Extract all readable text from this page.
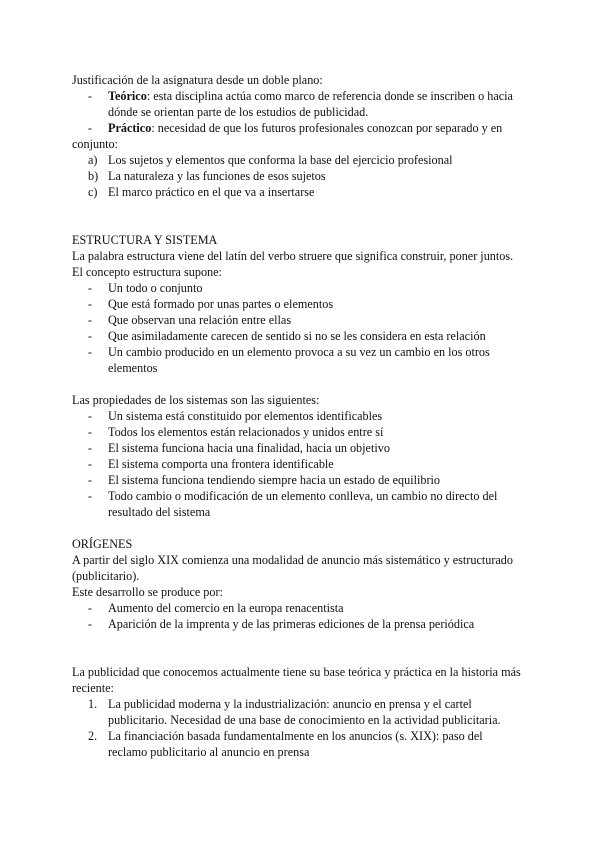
Justificación de la asignatura desde un doble plano:

-	Teórico: esta disciplina actúa como marco de referencia donde se inscriben o hacia dónde se orientan parte de los estudios de publicidad.
-	Práctico: necesidad de que los futuros profesionales conozcan por separado y en

conjunto:

a) Los sujetos y elementos que conforma la base del ejercicio profesional
b) La naturaleza y las funciones de esos sujetos
c) El marco práctico en el que va a insertarse

ESTRUCTURA Y SISTEMA

La palabra estructura viene del latín del verbo struere que significa construir, poner juntos. El concepto estructura supone:

-	Un todo o conjunto
-	Que está formado por unas partes o elementos
-	Que observan una relación entre ellas
-	Que asimiladamente carecen de sentido si no se les considera en esta relación
-	Un cambio producido en un elemento provoca a su vez un cambio en los otros elementos

Las propiedades de los sistemas son las siguientes:

-	Un sistema está constituido por elementos identificables
-	Todos los elementos están relacionados y unidos entre sí
-	El sistema funciona hacia una finalidad, hacia un objetivo
-	El sistema comporta una frontera identificable
-	El sistema funciona tendiendo siempre hacia un estado de equilibrio
-	Todo cambio o modificación de un elemento conlleva, un cambio no directo del resultado del sistema

ORÍGENES

A partir del siglo XIX comienza una modalidad de anuncio más sistemático y estructurado (publicitario).

Este desarrollo se produce por:

-	Aumento del comercio en la europa renacentista
-	Aparición de la imprenta y de las primeras ediciones de la prensa periódica

La publicidad que conocemos actualmente tiene su base teórica y práctica en la historia más reciente:

1. La publicidad moderna y la industrialización: anuncio en prensa y el cartel publicitario. Necesidad de una base de conocimiento en la actividad publicitaria.
2. La financiación basada fundamentalmente en los anuncios (s. XIX): paso del reclamo publicitario al anuncio en prensa
